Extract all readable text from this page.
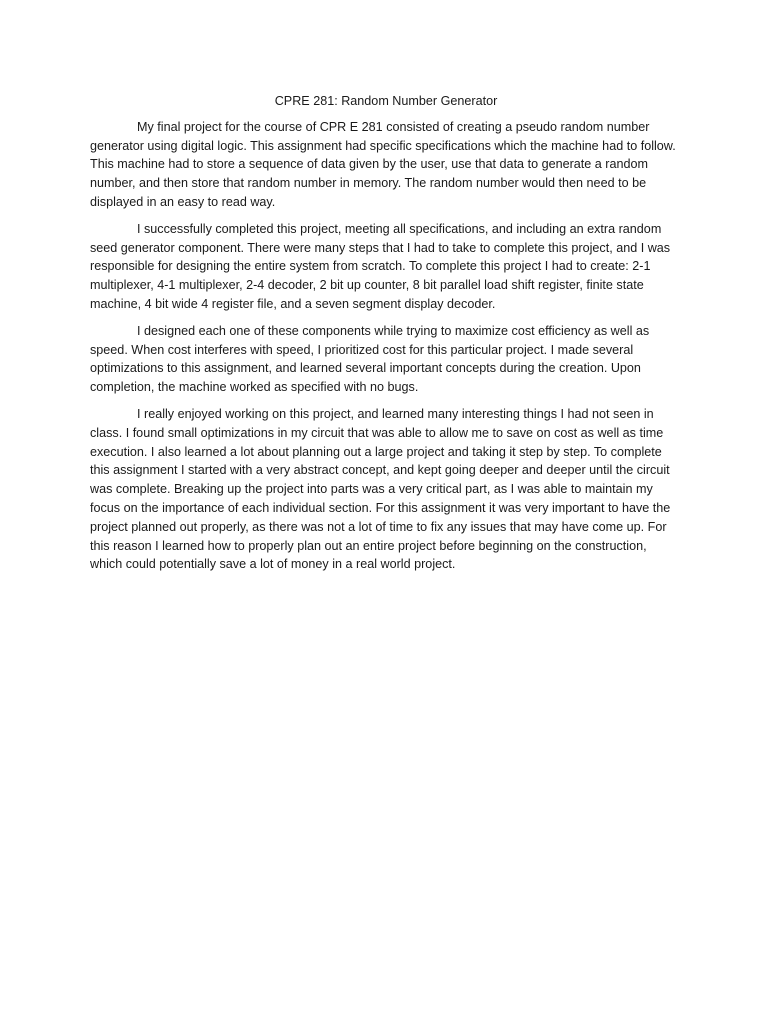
CPRE 281: Random Number Generator

My final project for the course of CPR E 281 consisted of creating a pseudo random number generator using digital logic. This assignment had specific specifications which the machine had to follow. This machine had to store a sequence of data given by the user, use that data to generate a random number, and then store that random number in memory. The random number would then need to be displayed in an easy to read way.

I successfully completed this project, meeting all specifications, and including an extra random seed generator component. There were many steps that I had to take to complete this project, and I was responsible for designing the entire system from scratch. To complete this project I had to create: 2-1 multiplexer, 4-1 multiplexer, 2-4 decoder, 2 bit up counter, 8 bit parallel load shift register, finite state machine, 4 bit wide 4 register file, and a seven segment display decoder.

I designed each one of these components while trying to maximize cost efficiency as well as speed. When cost interferes with speed, I prioritized cost for this particular project. I made several optimizations to this assignment, and learned several important concepts during the creation. Upon completion, the machine worked as specified with no bugs.

I really enjoyed working on this project, and learned many interesting things I had not seen in class. I found small optimizations in my circuit that was able to allow me to save on cost as well as time execution. I also learned a lot about planning out a large project and taking it step by step. To complete this assignment I started with a very abstract concept, and kept going deeper and deeper until the circuit was complete. Breaking up the project into parts was a very critical part, as I was able to maintain my focus on the importance of each individual section. For this assignment it was very important to have the project planned out properly, as there was not a lot of time to fix any issues that may have come up. For this reason I learned how to properly plan out an entire project before beginning on the construction, which could potentially save a lot of money in a real world project.
